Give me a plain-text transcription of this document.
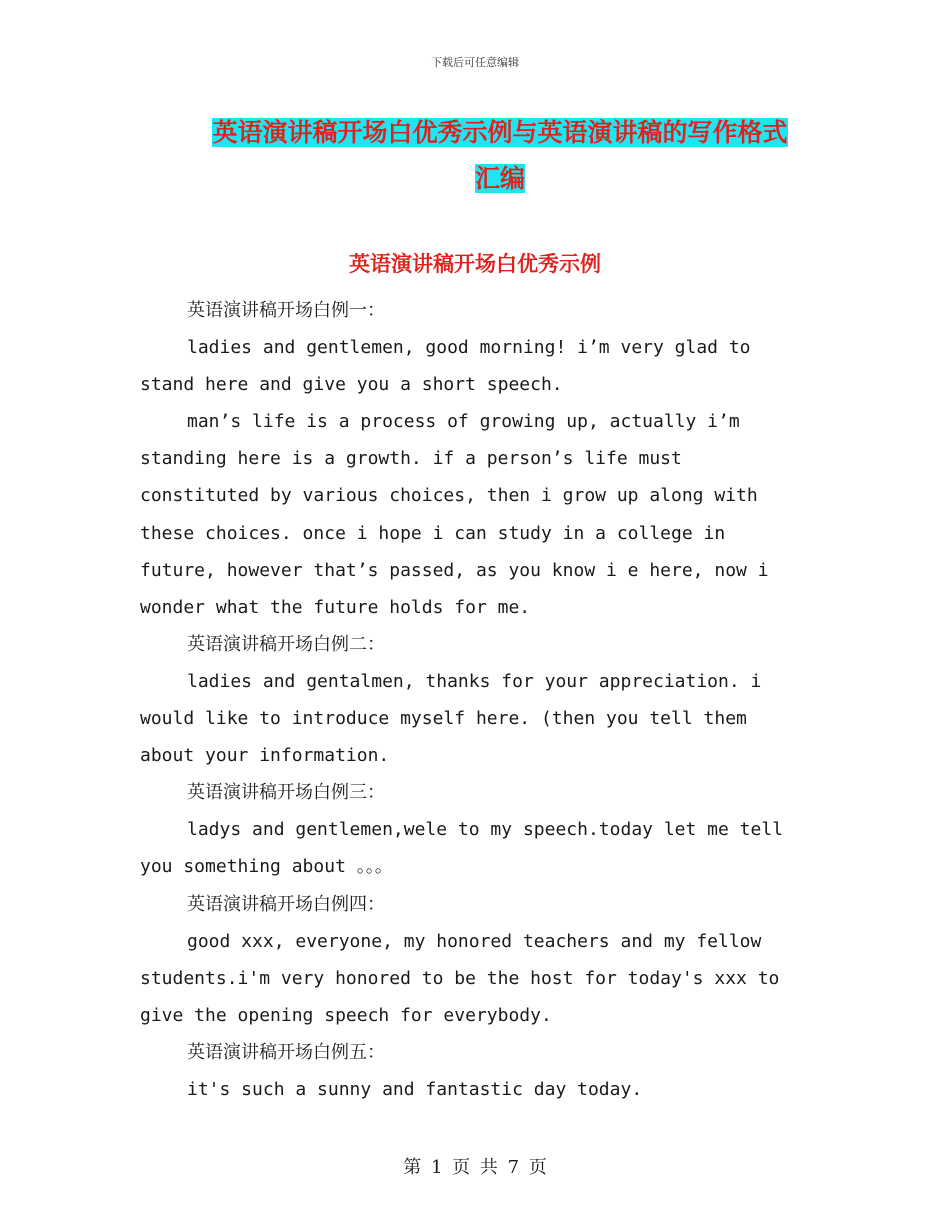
下载后可任意编辑
英语演讲稿开场白优秀示例与英语演讲稿的写作格式
汇编
英语演讲稿开场白优秀示例

英语演讲稿开场白例一：

ladies and gentlemen, good morning! i’m very glad to
stand here and give you a short speech.

man’s life is a process of growing up, actually i’m
standing here is a growth. if a person’s life must
constituted by various choices, then i grow up along with
these choices. once i hope i can study in a college in
future, however that’s passed, as you know i e here, now i
wonder what the future holds for me.

英语演讲稿开场白例二：

ladies and gentalmen, thanks for your appreciation. i
would like to introduce myself here. (then you tell them
about your information.

英语演讲稿开场白例三：

ladys and gentlemen,wele to my speech.today let me tell
you something about 。。。

英语演讲稿开场白例四：

good xxx, everyone, my honored teachers and my fellow
students.i'm very honored to be the host for today's xxx to
give the opening speech for everybody.

英语演讲稿开场白例五：

it's such a sunny and fantastic day today.

第 1 页 共 7 页
